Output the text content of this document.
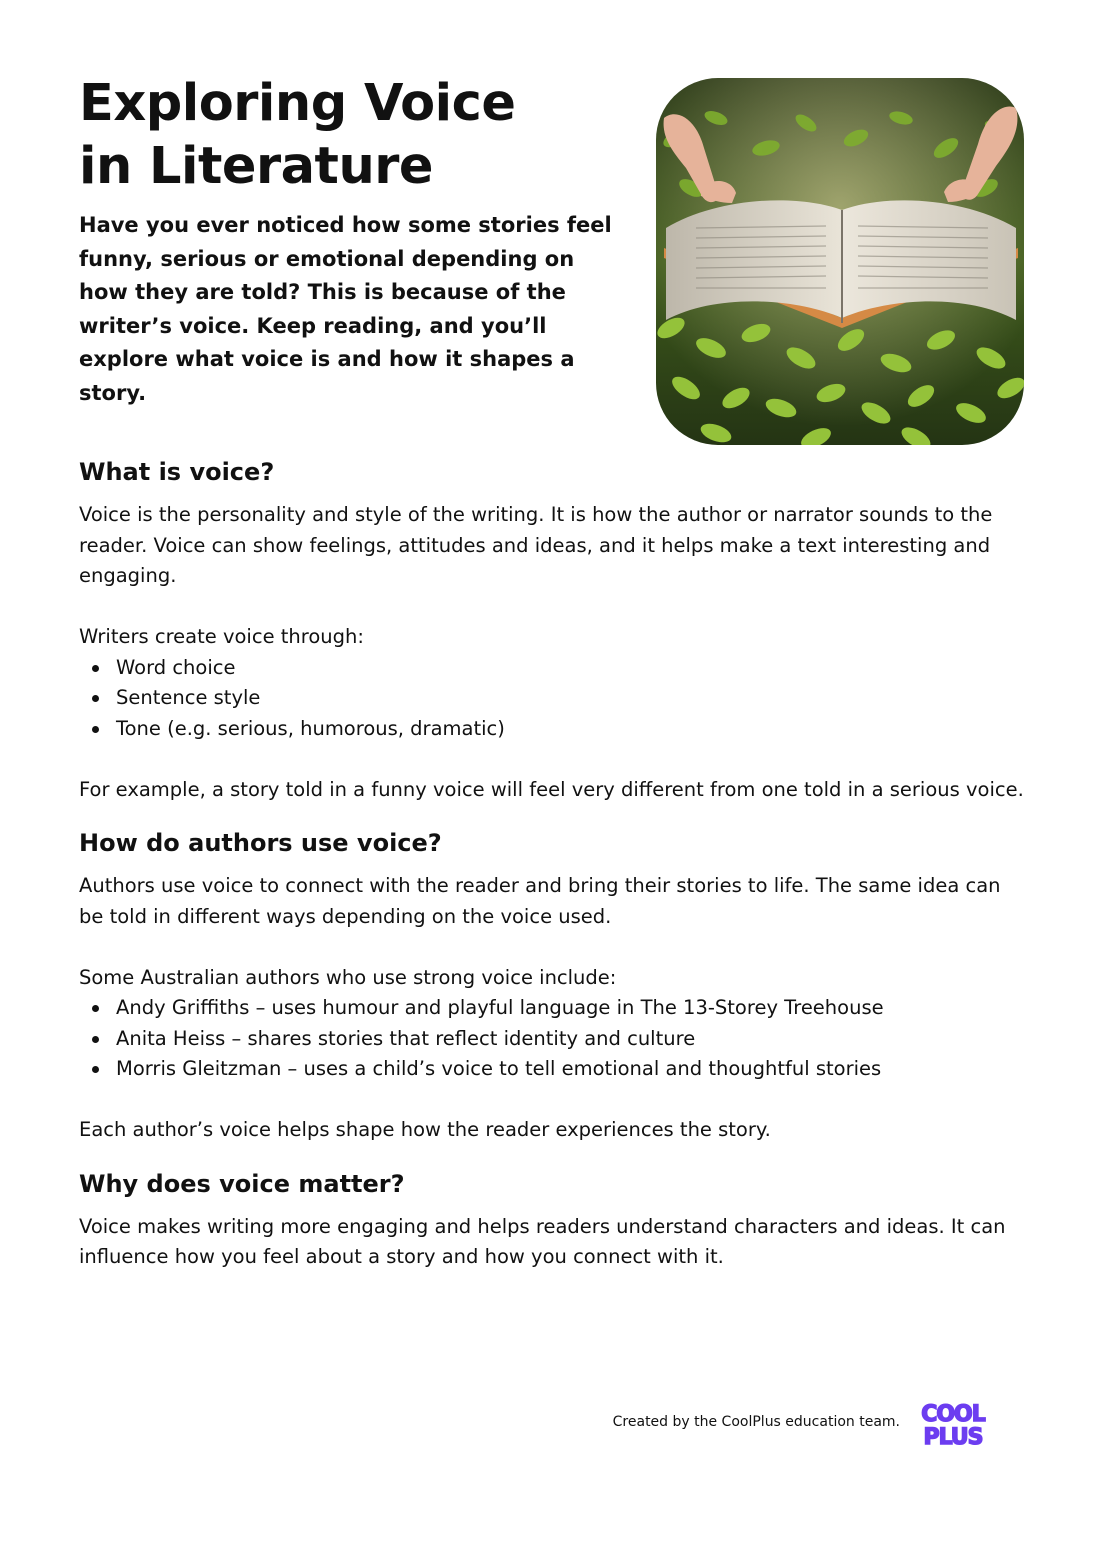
Exploring Voice
in Literature

Have you ever noticed how some stories feel funny, serious or emotional depending on how they are told? This is because of the writer’s voice. Keep reading, and you’ll explore what voice is and how it shapes a story.

What is voice?

Voice is the personality and style of the writing. It is how the author or narrator sounds to the reader. Voice can show feelings, attitudes and ideas, and it helps make a text interesting and engaging.

Writers create voice through:

Word choice
Sentence style
Tone (e.g. serious, humorous, dramatic)

For example, a story told in a funny voice will feel very different from one told in a serious voice.

How do authors use voice?

Authors use voice to connect with the reader and bring their stories to life. The same idea can be told in different ways depending on the voice used.

Some Australian authors who use strong voice include:

Andy Griffiths – uses humour and playful language in The 13-Storey Treehouse
Anita Heiss – shares stories that reflect identity and culture
Morris Gleitzman – uses a child’s voice to tell emotional and thoughtful stories

Each author’s voice helps shape how the reader experiences the story.

Why does voice matter?

Voice makes writing more engaging and helps readers understand characters and ideas. It can influence how you feel about a story and how you connect with it.

Created by the CoolPlus education team. COOL
PLUS
